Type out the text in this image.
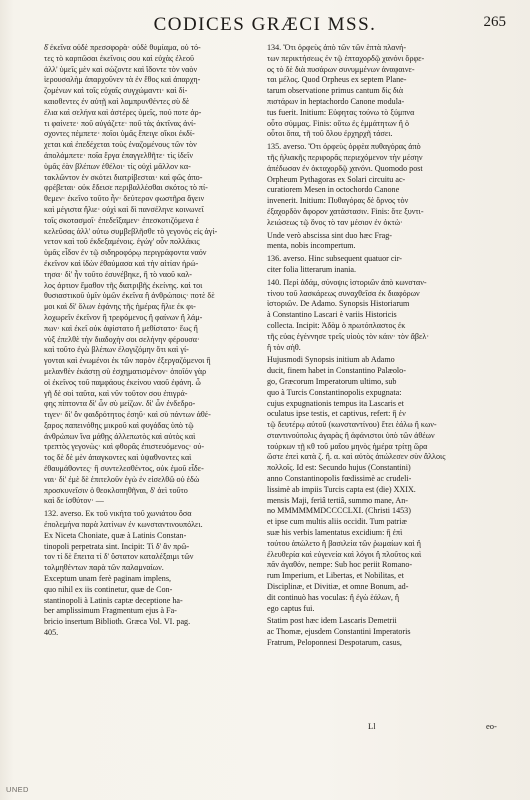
CODICES GRÆCI MSS.	265
δ̓ ἐκεῖνα οὐδὲ πρεσσφορὰ· οὐδὲ θυμίαμα, οὐ τό-
τες τὸ καρπῶσαι ἐκεῖνοις σου καὶ εὐχὰς ἐλεοῦ
ἀλλ' ὑμεῖς μὲν καὶ σώζοντε καὶ ἴδοντε τὸν ναὸν
ἱερουσαλὴμ ἀπαρχοῦνεν τὰ ἐν ἔθος καὶ ἀπαρχη-
ζομένων καὶ τοῖς εὐχαῖς συγχώμαντι· καὶ δὶ-
καιοθεντες ἐν αὐτῇ καὶ λαμπρυνθέντες σὺ δὲ
ἐλια καὶ σελήνα καὶ ἀστέρες ὑμεῖς, πού ποτε ἀρ-
τι φαίνετε· ποῦ αὐγάζετε· ποῦ τὰς ἀκτῖνας ἀνί-
σχοντες πέμπετε· ποῖοι ὑμᾶς ἔπειγε οἴκοι ἐκδί-
χεται καὶ ἐπεδέχεται τοὺς ἐναζομένους τῶν τὸν
ἀπολάμπετε· ποῖα ἔργα ἐπαγγελθῆτε· τὶς ἰδεῖν
ὑμᾶς ἐὰν βλέπων ἐθέλοι· τίς οὐχὶ μᾶλλον κα-
τακλῶντον ἐν σκότει διατρίβεσται· καὶ φῶς ἀπο-
φρέβεται· οὐκ ἔδεισε περιβαλλέσθαι σκότος τὸ πί-
θεμεν· ἐκεῖνο τοῦτο ἦν· δεύτερον φωστῆρα ἄγειν
καὶ μέγιστα ἤλιε· οὐχὶ καὶ δὶ πανσέληνε κοινωνεῖ
τοῖς σκοτασμοῖ· ἐπεδεῖξαμεν· ἐπεσκοτιζόμενα ἐ
κελεῦσας ἀλλ' οὐτω συμβεβλῆσθε τὸ γεγονὸς εἰς ἀγί-
νετον καὶ τοῦ ἐκδεξαμένοις. ἐγώγ' οὖν πολλάκις
ὑμᾶς εἶδον ἐν τῷ σιδηροφόρῳ περιγράφοντα ναόν
ἐκεῖνον καὶ ἰδὼν ἐθαύμασα καὶ τὴν αἰτίαν ἠρώ-
τησα· δὶ' ἦν τοῦτο ἐσυνέβηκε, ἢ τὸ ναοῦ καλ-
λος ἀρτιον ἔμαθον τῆς διατριβῆς ἐκείνης. καὶ τοι
θυσιαστικοῦ ὑμῖν ὑμῶν ἐκεῖνα ἢ ἀνθρώποις· ποτὲ δὲ
μοι καὶ δὶ' ὅλων ἐφάνης τῆς ἡμέρας ἢλιε ἐκ φι-
λοχωρεῖν ἐκεῖνον ἢ τρεφόμενος ἢ φαίνων ἢ λάμ-
πων· καὶ ἐκεῖ οὐκ ἀφίστατο ἢ μεθίστατο· ἕως ἢ
νὺξ ἐπελθὲ τὴν διαδοχὴν σοι σελήνην φέρουσα·
καὶ τοῦτο ἐγὼ βλέπων ἐλογιζόμην ὅτι καὶ γί-
γονται καὶ ἐνωμένοι ἐκ τῶν παρὸν ἐξεργαζόμενοι ἢ
μελανθὲν ἑκάστῃ σὺ ἐσχηματισμένον· ὁποῖόν γὰρ
οἱ ἐκεῖνος τοῦ παμφάους ἐκείνου ναοῦ ἐφάνη. ὦ
γῆ δὲ σοὶ ταῦτα, καὶ νῦν τοῦτον σου ἐπιγρά-
φης πίπτοντα δὶ' ὧν σὺ μείζων. δὶ' ὧν ἐνδεδρο-
τιγεν· δὶ' ὃν φαιδρότητος ἐσηῦ· καὶ σὺ πάντων ἀθέ-
ξαρος παπεινόθης μικροῦ καὶ φυγάδας ὑπὸ τῷ
ἀνθρώπων ἴνα μάθῃς ἀλλεπωτὸς καὶ αὐτὸς καὶ
τρεπτὸς γεγονὼς· καὶ φθορᾶς ἐπιστευόμενος· ού-
τος δὲ δὲ μὲν ἀπαγκοντες καὶ ὑψαθνοντες καὶ
ἐθαυμάθοντες· ἢ συντελεσθέντος, οὐκ ἐμοῦ εἶδε-
ναι· δὶ' ἐμὲ δὲ ἐπιτελοῦν ἐγὼ ἐν εἰσελθῶ οὐ ἐδὼ
προσκυνεῖσιν ὁ θεοκλοπηθῆναι, δ' ἀεὶ τοῦτο
καὶ δε ἰσθύτον· —
132. aversο. Εκ τοῦ νικήτα τοῦ χωνιάτου ὅσα
ἐπολεμήνα παρὰ λατίνων ἐν κωνσταντινουπόλει.
Ex Niceta Choniate, quæ à Latinis Constan-
tinopoli perpetrata sint. Incipit: Τὶ δ' ἂν πρῶ-
τον τί δὲ ἔπειτα τί δ' ὕστατον καταλέξαιμι τῶν
τολμηθέντων παρὰ τῶν παλαμναίων.
Exceptum unam ferè paginam implens,
quo nihil ex iis continetur, quæ de Con-
stantinopoli à Latinis captæ deceptione ha-
ber amplissimum Fragmentum ejus à Fa-
bricio insertum Biblioth. Græca Vol. VI. pag.
405.
134. Ὅτι ὀρφεὺς ἀπὸ τῶν τῶν ἑπτὰ πλανή-
των περικτήσεως ἐν τῷ ἑπταχορδῷ χανόνι ὄρφε-
ος τὸ δὲ διὰ πυσάρων συνυμμένων ἀναφαινε-
ται μέλος. Quod Orpheus ex septem Plane-
tarum observatione primus cantum δὶς διὰ
πιστάρων in heptachordo Canone modula-
tus fuerit. Initium: Εὐφητας τούνω τὸ ξύμπνα
οὗτο σύμμας. Finis: οὕτω ἐς ἐμμάτητων ἢ ὁ
οὗτοι ὅπα, τῆ τοῦ ὅλου ἐρχηρχῆ τάσει.
135. aversο. Ὅτι ὀρφεὺς ὀρφὲα πυθαγόρας ἀπὸ
τῆς ἡλιακῆς περιφορᾶς περιεχόμενον τὴν μέσην
ἀπέδωσαν ἐν ὀκταχορδῷ χανόνι. Quomodo post
Orpheum Pythagoras ex Solari circuitu ac-
curatiorem Mesen in octochordo Canone
invenerit. Initium: Πυθαγόρας δὲ ὄρνος τὸν
ἐξαχορδὸν ἄφορον χατάστασιν. Finis: ὅτε ξυντι-
λειώσεως τῷ ὅνος τὸ ταν μέσιον ἐν ὀκτὼ·
Unde verò abscissa sint duo hæc Frag-
menta, nobis incompertum.
136. aversο. Hinc subsequent quatuor cir-
citer folia litterarum inania.
140. Περὶ ἀδάμ, σύνοψις ἱστοριῶν ἀπὸ κωνσταν-
τίνου τοῦ λασκάρεως συναχθεῖσα ἐκ διαφόρων
ἱστοριῶν. De Adamo. Synopsis Historiarum
à Constantino Lascari è variis Historicis
collecta. Incipit: Ἀδὰμ ὁ πρωτόπλαστος ἐκ
τῆς εὐας ἐγέννησε τρεῖς υἱοὺς τὸν κάιν· τὸν ἄβελ·
ἢ τὸν σὴθ.
Hujusmodi Synopsis initium ab Adamo
ducit, finem habet in Constantino Palæolo-
go, Græcorum Imperatorum ultimo, sub
quo à Turcis Constantinopolis expugnata:
cujus expugnationis tempus ita Lascaris et
oculatus ipse testis, et captivus, refert: ἢ ἐν
τῷ δευτέρῳ αὐτοῦ (κωνσταντίνου) ἔτει ἑάλω ἢ κων-
σταντινούπολις ἀγαρὰς ἢ ἀφάνιστοι ὑπὸ τῶν ἀθέων
τούρκων τῇ κθ τοῦ μαΐου μηνὸς ἡμέρα τρίτῃ ὥρα
ὥστε ἐπεὶ κατὰ ζ. ἢ. α. καὶ αὐτὸς ἀπώλεσεν σὺν ἄλλοις
πολλοῖς. Id est: Secundo hujus (Constantini)
anno Constantinopolis fœdissimè ac crudeli-
lissimè ab impiis Turcis capta est (die) XXIX.
mensis Maji, feriâ tertiâ, summo mane, An-
no MMMMMMDCCCCLXI. (Christi 1453)
et ipse cum multis aliis occidit. Tum patriæ
suæ his verbis lamentatus excidium: ἢ ἐπὶ
τούτου ἀπώλετο ἢ βασιλεία τῶν ῥωμαίων καὶ ἢ
ἐλευθερία καὶ εὐγενεία καὶ λόγοι ἢ πλοῦτος καὶ
πᾶν ἀγαθόν, nempe: Sub hoc periit Romano-
rum Imperium, et Libertas, et Nobilitas, et
Disciplinæ, et Divitiæ, et omne Bonum, ad-
dit continuò has voculas: ἢ ἐγὼ ἑάλων, ἢ
ego captus fui.
Statim post hæc idem Lascaris Demetrii
ac Thomæ, ejusdem Constantini Imperatoris
Fratrum, Peloponnesi Despotarum, casus,
Ll	eo-
UNED
